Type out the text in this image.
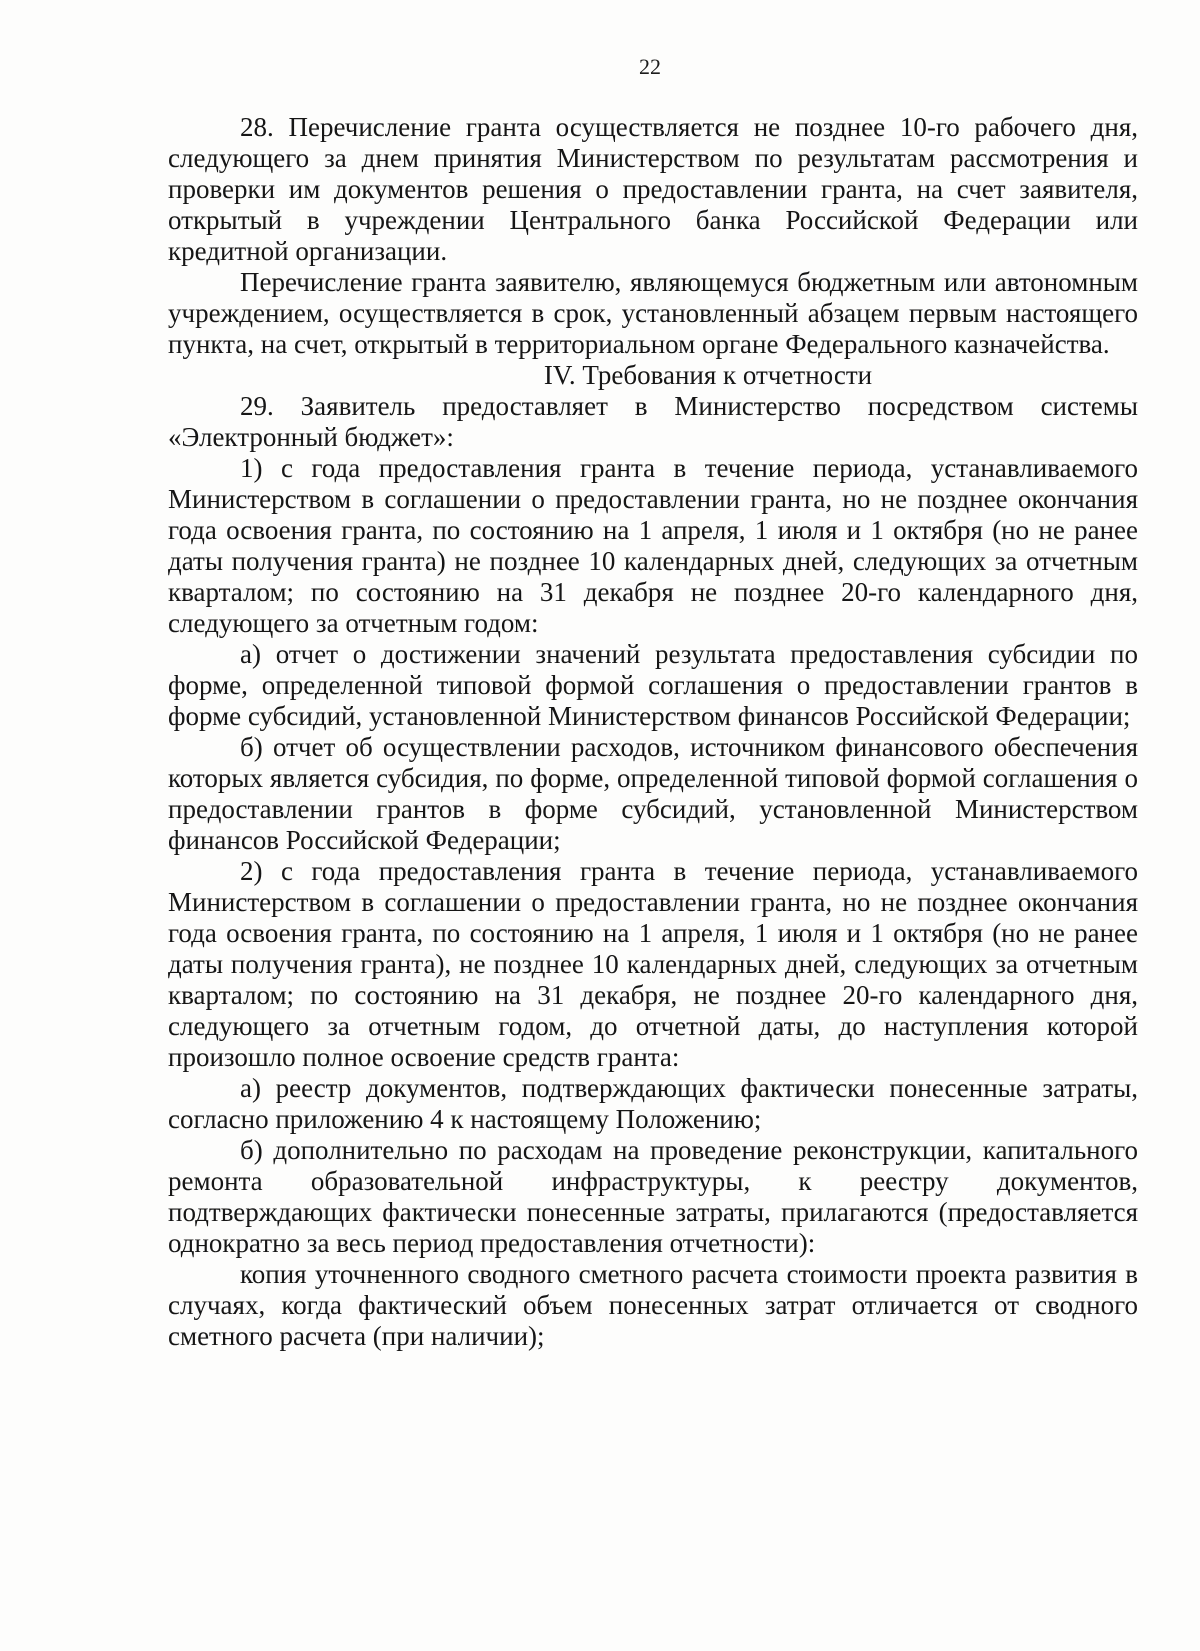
22

28. Перечисление гранта осуществляется не позднее 10-го рабочего дня, следующего за днем принятия Министерством по результатам рассмотрения и проверки им документов решения о предоставлении гранта, на счет заявителя, открытый в учреждении Центрального банка Российской Федерации или кредитной организации.

Перечисление гранта заявителю, являющемуся бюджетным или автономным учреждением, осуществляется в срок, установленный абзацем первым настоящего пункта, на счет, открытый в территориальном органе Федерального казначейства.

IV. Требования к отчетности

29. Заявитель предоставляет в Министерство посредством системы «Электронный бюджет»:

1) с года предоставления гранта в течение периода, устанавливаемого Министерством в соглашении о предоставлении гранта, но не позднее окончания года освоения гранта, по состоянию на 1 апреля, 1 июля и 1 октября (но не ранее даты получения гранта) не позднее 10 календарных дней, следующих за отчетным кварталом; по состоянию на 31 декабря не позднее 20-го календарного дня, следующего за отчетным годом:

а) отчет о достижении значений результата предоставления субсидии по форме, определенной типовой формой соглашения о предоставлении грантов в форме субсидий, установленной Министерством финансов Российской Федерации;

б) отчет об осуществлении расходов, источником финансового обеспечения которых является субсидия, по форме, определенной типовой формой соглашения о предоставлении грантов в форме субсидий, установленной Министерством финансов Российской Федерации;

2) с года предоставления гранта в течение периода, устанавливаемого Министерством в соглашении о предоставлении гранта, но не позднее окончания года освоения гранта, по состоянию на 1 апреля, 1 июля и 1 октября (но не ранее даты получения гранта), не позднее 10 календарных дней, следующих за отчетным кварталом; по состоянию на 31 декабря, не позднее 20-го календарного дня, следующего за отчетным годом, до отчетной даты, до наступления которой произошло полное освоение средств гранта:

а) реестр документов, подтверждающих фактически понесенные затраты, согласно приложению 4 к настоящему Положению;

б) дополнительно по расходам на проведение реконструкции, капитального ремонта образовательной инфраструктуры, к реестру документов, подтверждающих фактически понесенные затраты, прилагаются (предоставляется однократно за весь период предоставления отчетности):

копия уточненного сводного сметного расчета стоимости проекта развития в случаях, когда фактический объем понесенных затрат отличается от сводного сметного расчета (при наличии);
